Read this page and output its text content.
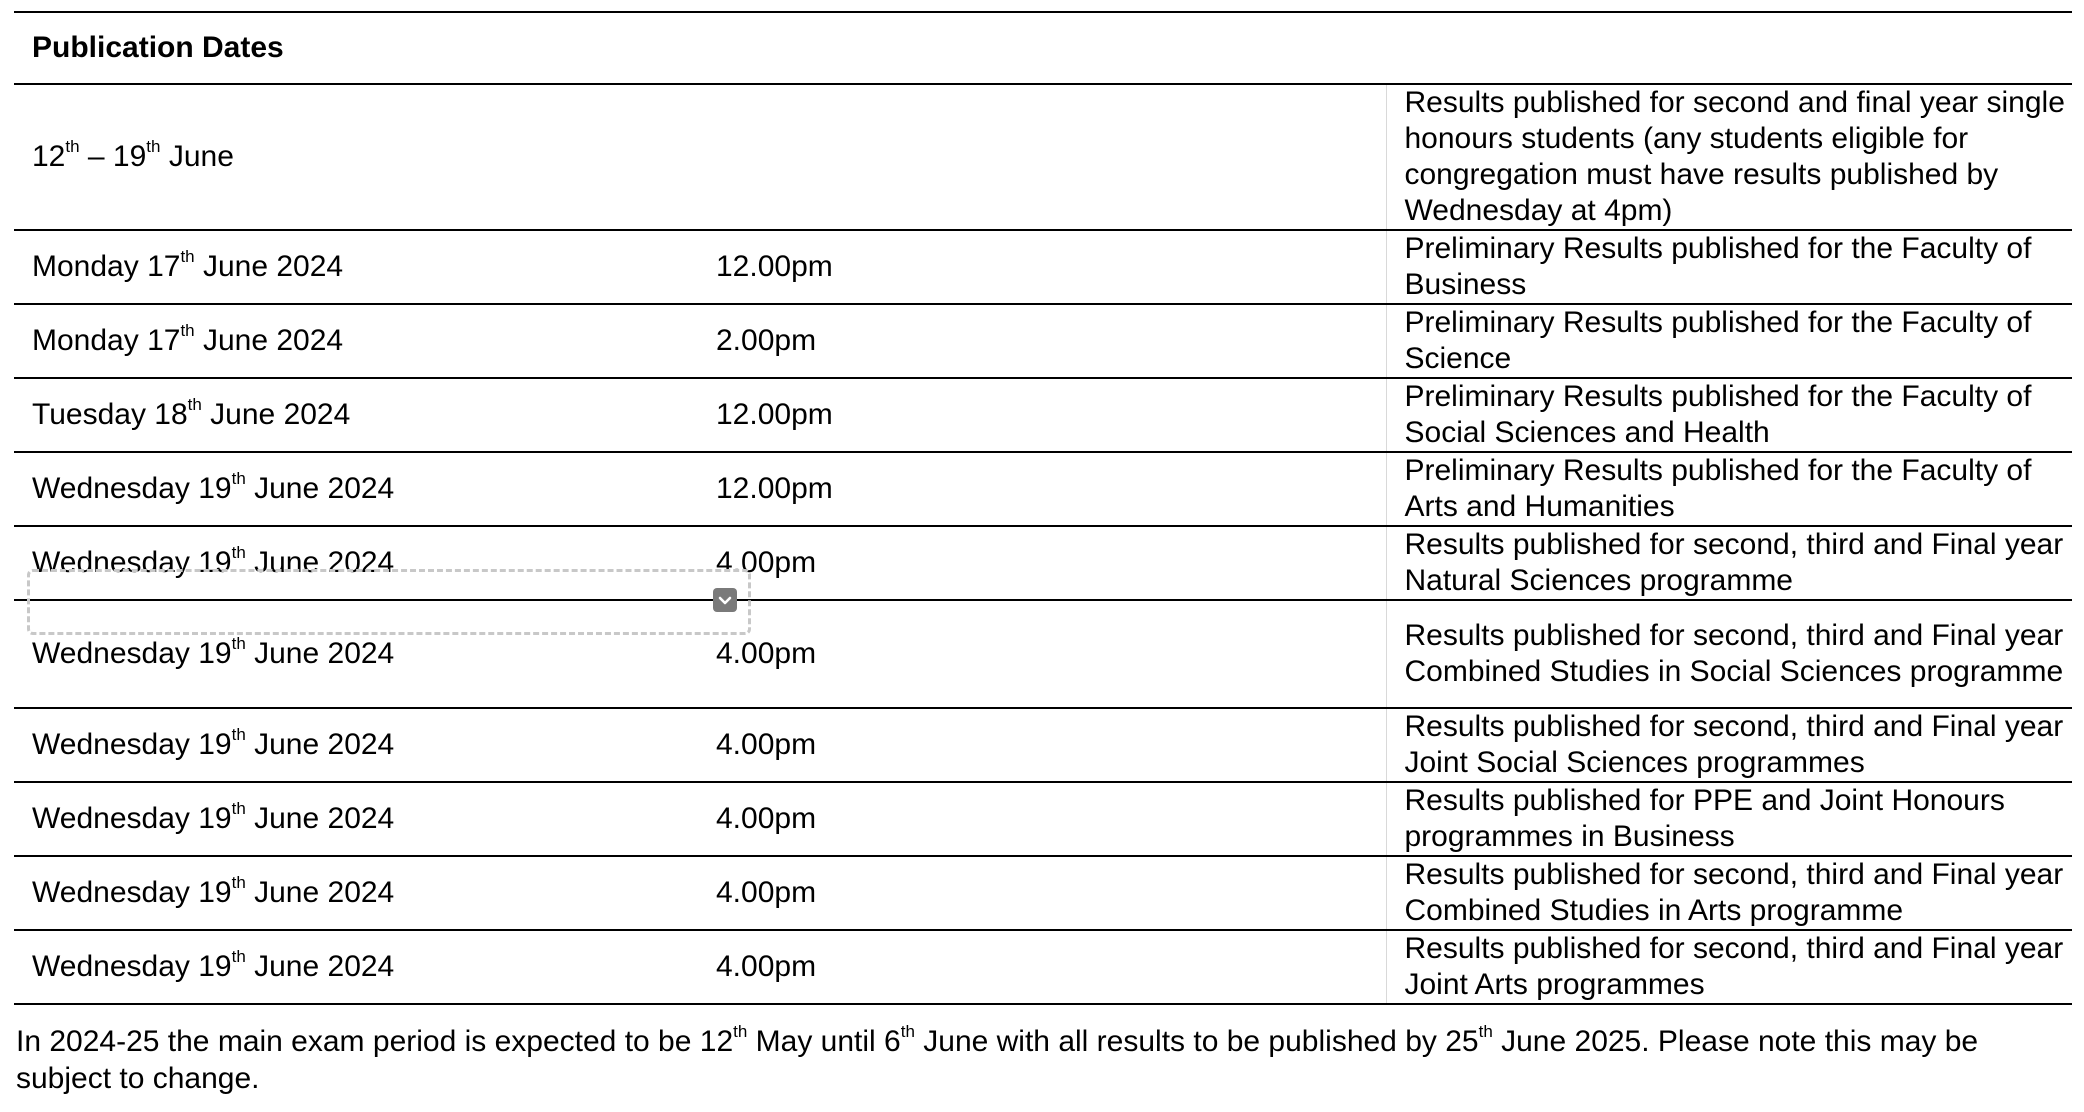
Publication Dates		
12th – 19th June		Results published for second and final year single honours students (any students eligible for congregation must have results published by Wednesday at 4pm)
Monday 17th June 2024	12.00pm	Preliminary Results published for the Faculty of Business
Monday 17th June 2024	2.00pm	Preliminary Results published for the Faculty of Science
Tuesday 18th June 2024	12.00pm	Preliminary Results published for the Faculty of Social Sciences and Health
Wednesday 19th June 2024	12.00pm	Preliminary Results published for the Faculty of Arts and Humanities
Wednesday 19th June 2024	4.00pm	Results published for second, third and Final year Natural Sciences programme
Wednesday 19th June 2024	4.00pm	Results published for second, third and Final year Combined Studies in Social Sciences programme
Wednesday 19th June 2024	4.00pm	Results published for second, third and Final year Joint Social Sciences programmes
Wednesday 19th June 2024	4.00pm	Results published for PPE and Joint Honours programmes in Business
Wednesday 19th June 2024	4.00pm	Results published for second, third and Final year Combined Studies in Arts programme
Wednesday 19th June 2024	4.00pm	Results published for second, third and Final year Joint Arts programmes

In 2024-25 the main exam period is expected to be 12th May until 6th June with all results to be published by 25th June 2025. Please note this may be subject to change.
